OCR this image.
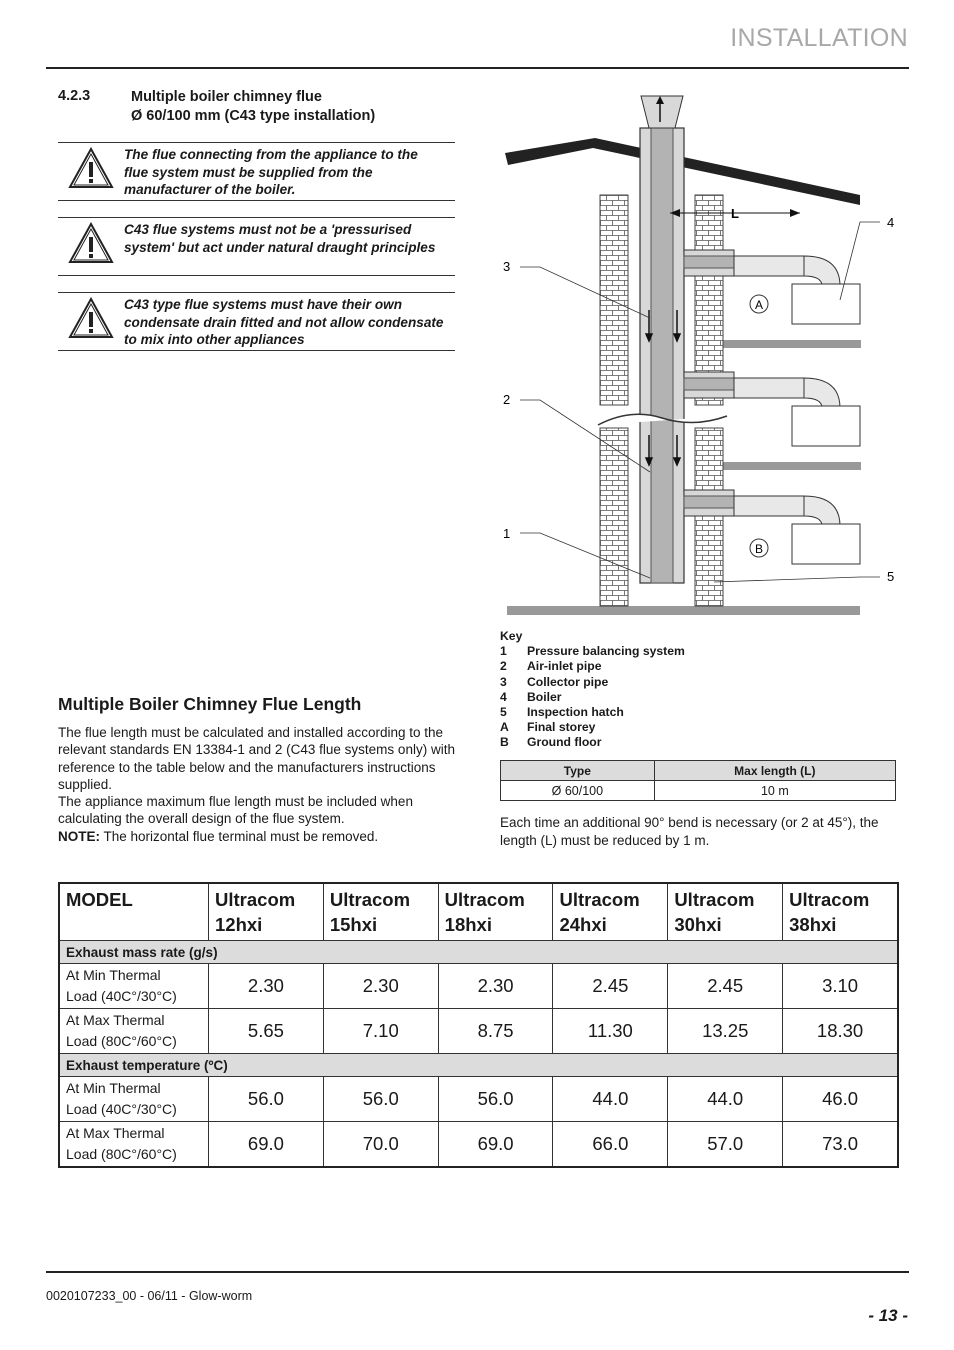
INSTALLATION
4.2.3	Multiple boiler chimney flue
Ø 60/100 mm (C43 type installation)
The flue connecting from the appliance to the flue system must be supplied from the manufacturer of the boiler.
C43 flue systems must not be a 'pressurised system' but act under natural draught principles
C43 type flue systems must have their own condensate drain fitted and not allow condensate to mix into other appliances
L
3
2
1
4
5
A
B
Key
1	Pressure balancing system
2	Air-inlet pipe
3	Collector pipe
4	Boiler
5	Inspection hatch
A	Final storey
B	Ground floor
Multiple Boiler Chimney Flue Length

The flue length must be calculated and installed according to the relevant standards EN 13384-1 and 2 (C43 flue systems only) with reference to the table below and the manufacturers instructions supplied.

The appliance maximum flue length must be included when calculating the overall design of the flue system.

NOTE: The horizontal flue terminal must be removed.

Type	Max length (L)
Ø 60/100	10 m
Each time an additional 90° bend is necessary (or 2 at 45°), the length (L) must be reduced by 1 m.
MODEL	Ultracom 12hxi	Ultracom 15hxi	Ultracom 18hxi	Ultracom 24hxi	Ultracom 30hxi	Ultracom 38hxi
Exhaust mass rate (g/s)						

At Min Thermal
Load (40C°/30°C)	2.30	2.30	2.30	2.45	2.45	3.10

At Max Thermal
Load (80C°/60°C)	5.65	7.10	8.75	11.30	13.25	18.30
Exhaust temperature (ºC)						

At Min Thermal
Load (40C°/30°C)	56.0	56.0	56.0	44.0	44.0	46.0

At Max Thermal
Load (80C°/60°C)	69.0	70.0	69.0	66.0	57.0	73.0
0020107233_00 - 06/11 - Glow-worm
- 13 -
